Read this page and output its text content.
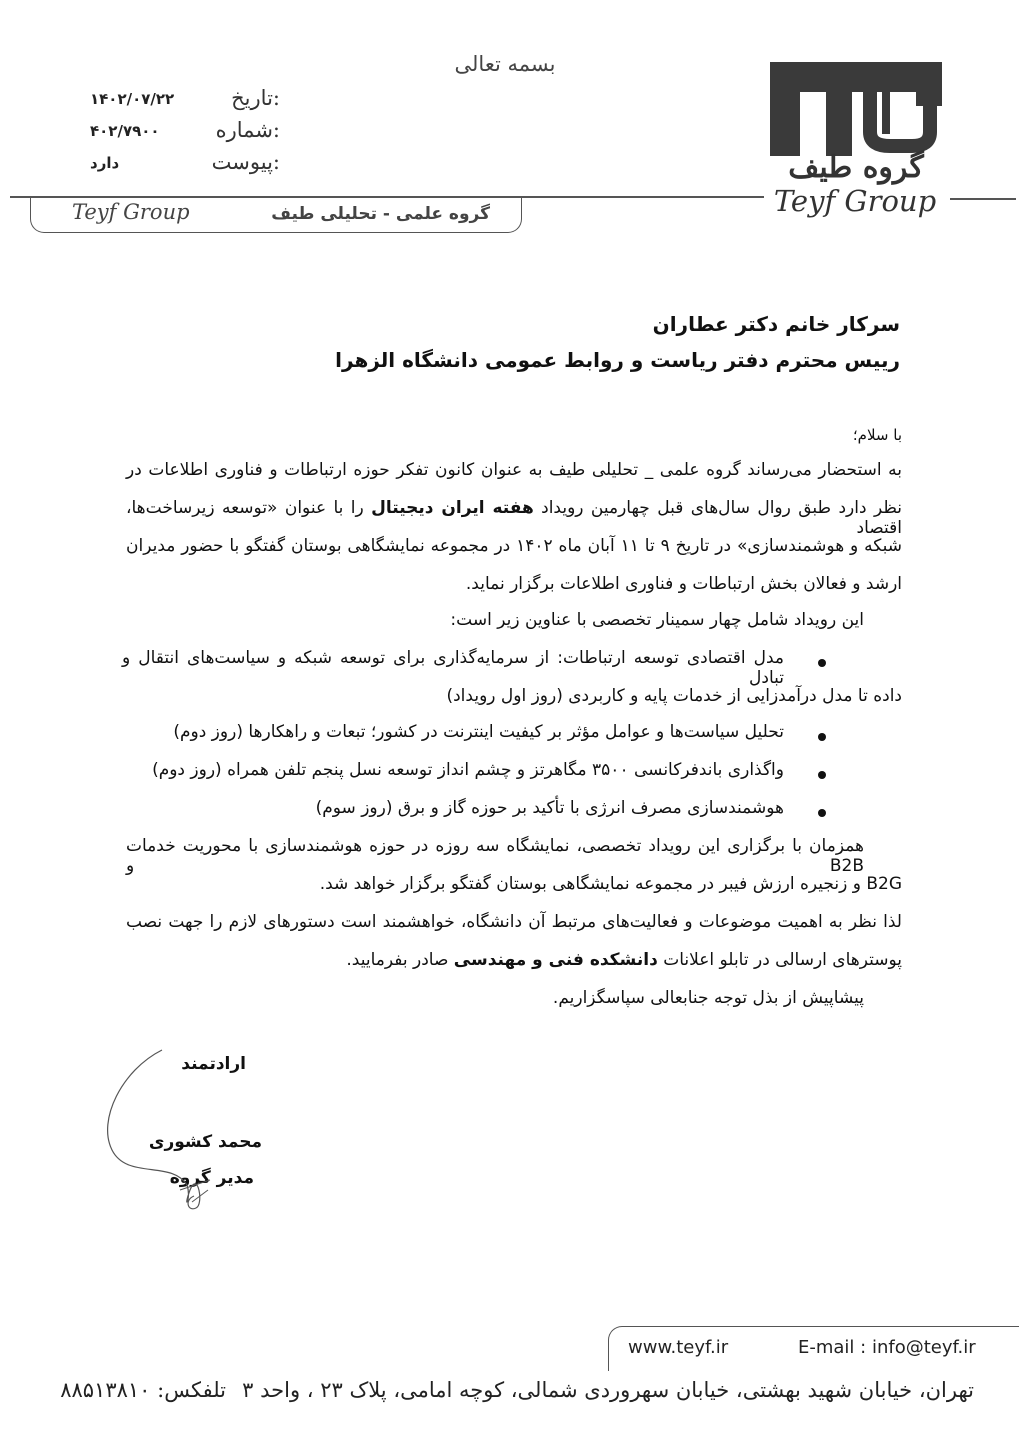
بسمه تعالی
تاریخ:
۱۴۰۲/۰۷/۲۲
شماره:
۴۰۲/۷۹۰۰
پیوست:
دارد	گروه طیف
Teyf Group
Teyf Group	گروه علمی - تحلیلی طیف
سرکار خانم دکتر عطاران
رییس محترم دفتر ریاست و روابط عمومی دانشگاه الزهرا
با سلام؛
به استحضار می‌رساند گروه علمی _ تحلیلی طیف به عنوان کانون تفکر حوزه ارتباطات و فناوری اطلاعات در
نظر دارد طبق روال سال‌های قبل چهارمین رویداد هفته ایران دیجیتال را با عنوان «توسعه زیرساخت‌ها، اقتصاد
شبکه و هوشمندسازی» در تاریخ ۹ تا ۱۱ آبان ماه ۱۴۰۲ در مجموعه نمایشگاهی بوستان گفتگو با حضور مدیران
ارشد و فعالان بخش ارتباطات و فناوری اطلاعات برگزار نماید.
این رویداد شامل چهار سمینار تخصصی با عناوین زیر است:
مدل اقتصادی توسعه ارتباطات: از سرمایه‌گذاری برای توسعه شبکه و سیاست‌های انتقال و تبادل
داده تا مدل درآمدزایی از خدمات پایه و کاربردی (روز اول رویداد)
تحلیل سیاست‌ها و عوامل مؤثر بر کیفیت اینترنت در کشور؛ تبعات و راهکارها (روز دوم)
واگذاری باندفرکانسی ۳۵۰۰ مگاهرتز و چشم انداز توسعه نسل پنجم تلفن همراه (روز دوم)
هوشمندسازی مصرف انرژی با تأکید بر حوزه گاز و برق (روز سوم)
همزمان با برگزاری این رویداد تخصصی، نمایشگاه سه روزه در حوزه هوشمندسازی با محوریت خدمات B2B و
B2G و زنجیره ارزش فیبر در مجموعه نمایشگاهی بوستان گفتگو برگزار خواهد شد.
لذا نظر به اهمیت موضوعات و فعالیت‌های مرتبط آن دانشگاه، خواهشمند است دستورهای لازم را جهت نصب
پوسترهای ارسالی در تابلو اعلانات دانشکده فنی و مهندسی صادر بفرمایید.
پیشاپیش از بذل توجه جنابعالی سپاسگزاریم.
ارادتمند
محمد کشوری
مدیر گروه
www.teyf.ir	E-mail : info@teyf.ir
تهران، خیابان شهید بهشتی، خیابان سهروردی شمالی، کوچه امامی، پلاک ۲۳ ، واحد ۳
تلفکس: ۸۸۵۱۳۸۱۰
